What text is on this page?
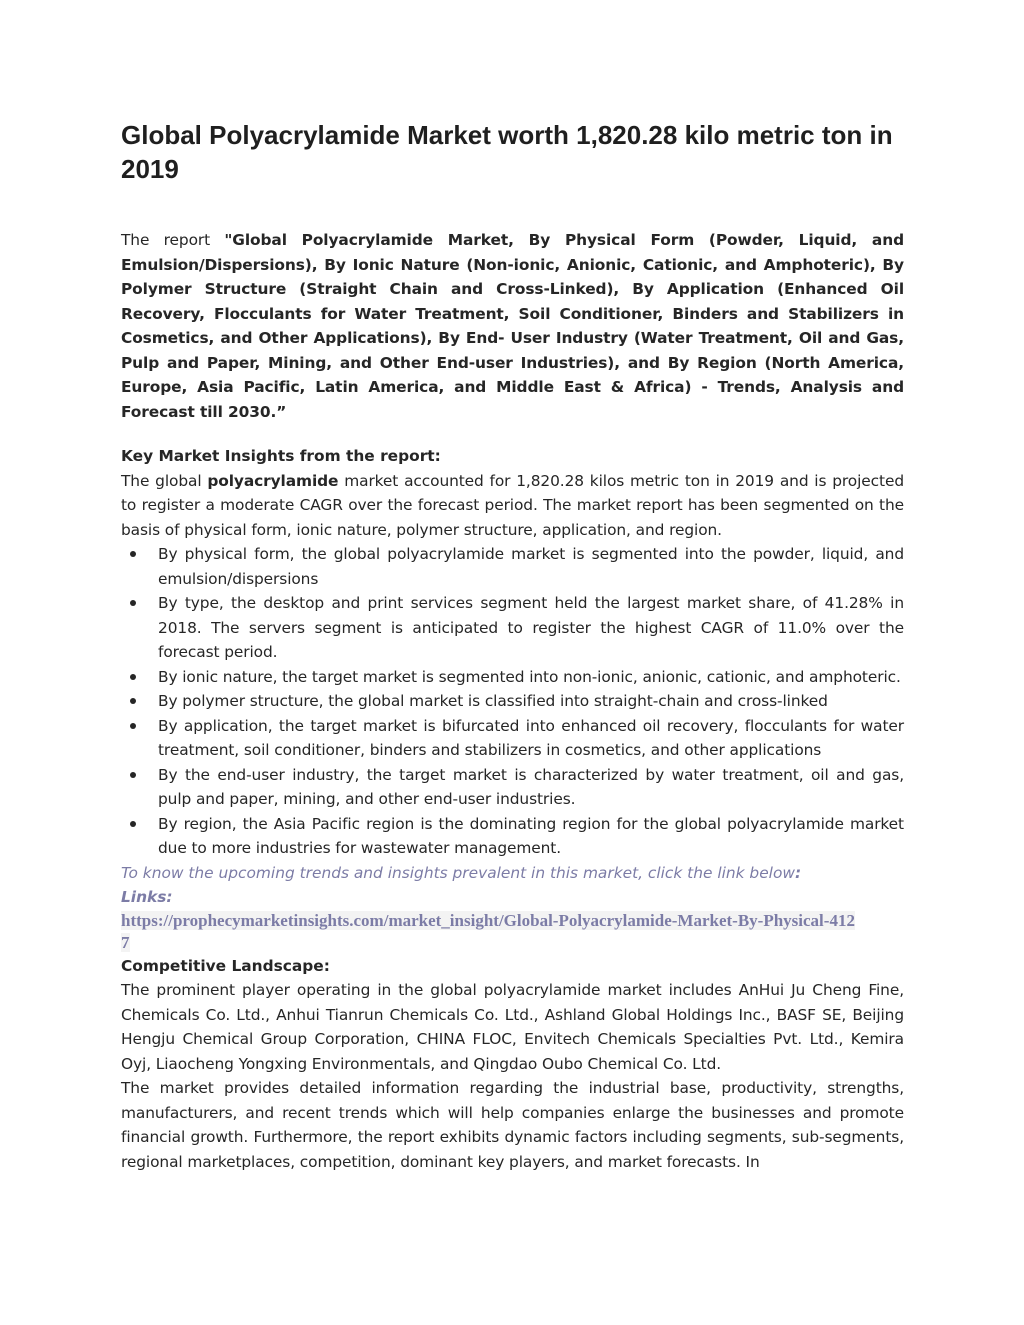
Global Polyacrylamide Market worth 1,820.28 kilo metric ton in 2019

The report "Global Polyacrylamide Market, By Physical Form (Powder, Liquid, and Emulsion/Dispersions), By Ionic Nature (Non-ionic, Anionic, Cationic, and Amphoteric), By Polymer Structure (Straight Chain and Cross-Linked), By Application (Enhanced Oil Recovery, Flocculants for Water Treatment, Soil Conditioner, Binders and Stabilizers in Cosmetics, and Other Applications), By End- User Industry (Water Treatment, Oil and Gas, Pulp and Paper, Mining, and Other End-user Industries), and By Region (North America, Europe, Asia Pacific, Latin America, and Middle East & Africa) - Trends, Analysis and Forecast till 2030.”

Key Market Insights from the report:

The global polyacrylamide market accounted for 1,820.28 kilos metric ton in 2019 and is projected to register a moderate CAGR over the forecast period. The market report has been segmented on the basis of physical form, ionic nature, polymer structure, application, and region.

By physical form, the global polyacrylamide market is segmented into the powder, liquid, and emulsion/dispersions
By type, the desktop and print services segment held the largest market share, of 41.28% in 2018. The servers segment is anticipated to register the highest CAGR of 11.0% over the forecast period.
By ionic nature, the target market is segmented into non-ionic, anionic, cationic, and amphoteric.
By polymer structure, the global market is classified into straight-chain and cross-linked
By application, the target market is bifurcated into enhanced oil recovery, flocculants for water treatment, soil conditioner, binders and stabilizers in cosmetics, and other applications
By the end-user industry, the target market is characterized by water treatment, oil and gas, pulp and paper, mining, and other end-user industries.
By region, the Asia Pacific region is the dominating region for the global polyacrylamide market due to more industries for wastewater management.
To know the upcoming trends and insights prevalent in this market, click the link below:
Links:

https://prophecymarketinsights.com/market_insight/Global-Polyacrylamide-Market-By-Physical-4127

Competitive Landscape:

The prominent player operating in the global polyacrylamide market includes AnHui Ju Cheng Fine, Chemicals Co. Ltd., Anhui Tianrun Chemicals Co. Ltd., Ashland Global Holdings Inc., BASF SE, Beijing Hengju Chemical Group Corporation, CHINA FLOC, Envitech Chemicals Specialties Pvt. Ltd., Kemira Oyj, Liaocheng Yongxing Environmentals, and Qingdao Oubo Chemical Co. Ltd.

The market provides detailed information regarding the industrial base, productivity, strengths, manufacturers, and recent trends which will help companies enlarge the businesses and promote financial growth. Furthermore, the report exhibits dynamic factors including segments, sub-segments, regional marketplaces, competition, dominant key players, and market forecasts. In
